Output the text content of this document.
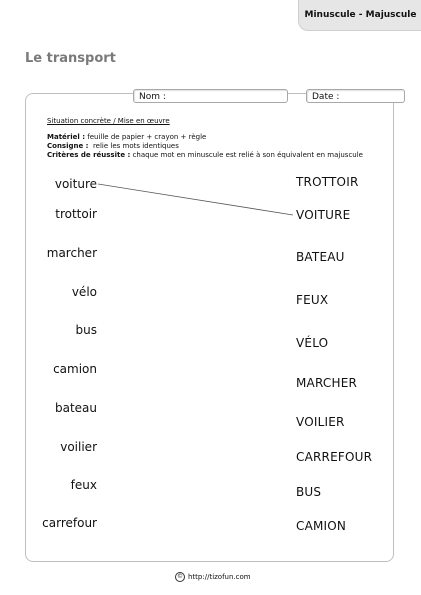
Minuscule - Majuscule
Le transport
Nom :	Date :
Situation concrète / Mise en œuvre
Matériel : feuille de papier + crayon + règle
Consigne : relie les mots identiques
Critères de réussite : chaque mot en minuscule est relié à son équivalent en majuscule
voiture
trottoir
marcher
vélo
bus
camion
bateau
voilier
feux
carrefour
TROTTOIR
VOITURE
BATEAU
FEUX
VÉLO
MARCHER
VOILIER
CARREFOUR
BUS
CAMION
© http://tizofun.com
